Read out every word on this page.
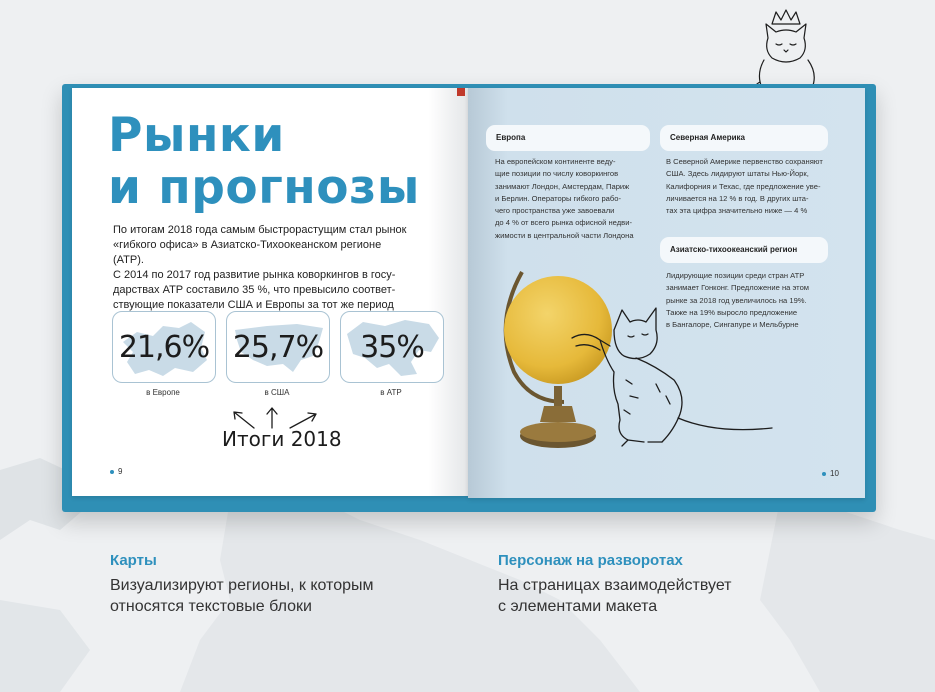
Рынки
и прогнозы

По итогам 2018 года самым быстрорастущим стал рынок
«гибкого офиса» в Азиатско-Тихоокеанском регионе (АТР).
С 2014 по 2017 год развитие рынка коворкингов в госу-
дарствах АТР составило 35 %, что превысило соответ-
ствующие показатели США и Европы за тот же период

21,6%
в Европе
25,7%
в США
35%
в АТР

Итоги 2018

9
Европа

На европейском континенте веду-
щие позиции по числу коворкингов
занимают Лондон, Амстердам, Париж
и Берлин. Операторы гибкого рабо-
чего пространства уже завоевали
до 4 % от всего рынка офисной недви-
жимости в центральной части Лондона

Северная Америка

В Северной Америке первенство сохраняют
США. Здесь лидируют штаты Нью-Йорк,
Калифорния и Техас, где предложение уве-
личивается на 12 % в год. В других шта-
тах эта цифра значительно ниже — 4 %

Азиатско-тихоокеанский регион

Лидирующие позиции среди стран АТР
занимает Гонконг. Предложение на этом
рынке за 2018 год увеличилось на 19%.
Также на 19% выросло предложение
в Бангалоре, Сингапуре и Мельбурне

10

Карты

Визуализируют регионы, к которым
относятся текстовые блоки

Персонаж на разворотах

На страницах взаимодействует
с элементами макета
